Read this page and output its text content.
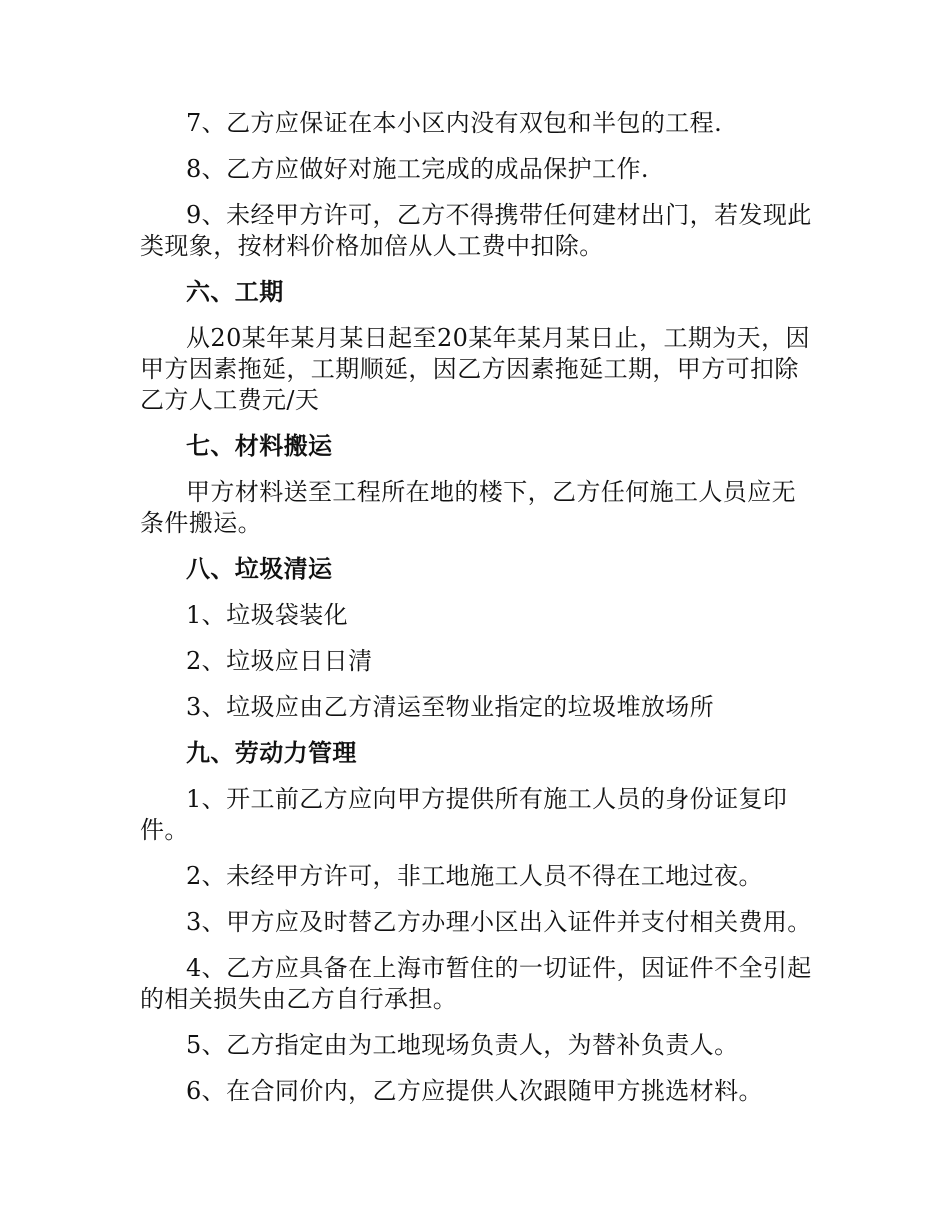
7、乙方应保证在本小区内没有双包和半包的工程.

8、乙方应做好对施工完成的成品保护工作.

9、未经甲方许可，乙方不得携带任何建材出门，若发现此类现象，按材料价格加倍从人工费中扣除。

六、工期

从20某年某月某日起至20某年某月某日止，工期为天，因甲方因素拖延，工期顺延，因乙方因素拖延工期，甲方可扣除乙方人工费元/天

七、材料搬运

甲方材料送至工程所在地的楼下，乙方任何施工人员应无条件搬运。

八、垃圾清运

1、垃圾袋装化

2、垃圾应日日清

3、垃圾应由乙方清运至物业指定的垃圾堆放场所

九、劳动力管理

1、开工前乙方应向甲方提供所有施工人员的身份证复印件。

2、未经甲方许可，非工地施工人员不得在工地过夜。

3、甲方应及时替乙方办理小区出入证件并支付相关费用。

4、乙方应具备在上海市暂住的一切证件，因证件不全引起的相关损失由乙方自行承担。

5、乙方指定由为工地现场负责人，为替补负责人。

6、在合同价内，乙方应提供人次跟随甲方挑选材料。
